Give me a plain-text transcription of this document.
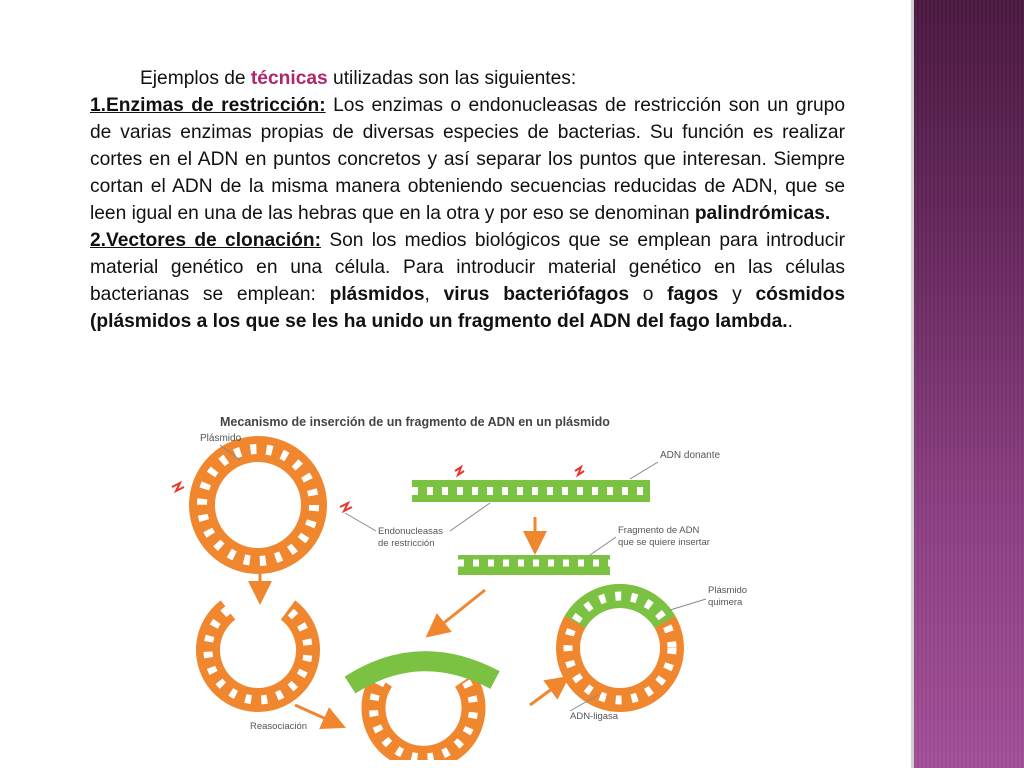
Ejemplos de técnicas utilizadas son las siguientes:

1.Enzimas de restricción: Los enzimas o endonucleasas de restricción son un grupo de varias enzimas propias de diversas especies de bacterias. Su función es realizar cortes en el ADN en puntos concretos y así separar los puntos que interesan. Siempre cortan el ADN de la misma manera obteniendo secuencias reducidas de ADN, que se leen igual en una de las hebras que en la otra y por eso se denominan palindrómicas.

2.Vectores de clonación: Son los medios biológicos que se emplean para introducir material genético en una célula. Para introducir material genético en las células bacterianas se emplean: plásmidos, virus bacteriófagos o fagos y cósmidos (plásmidos a los que se les ha unido un fragmento del ADN del fago lambda..

Mecanismo de inserción de un fragmento de ADN en un plásmido
Plásmido
ADN donante
Endonucleasas
de restricción
Fragmento de ADN
que se quiere insertar
Plásmido
quimera
ADN-ligasa
Reasociación
